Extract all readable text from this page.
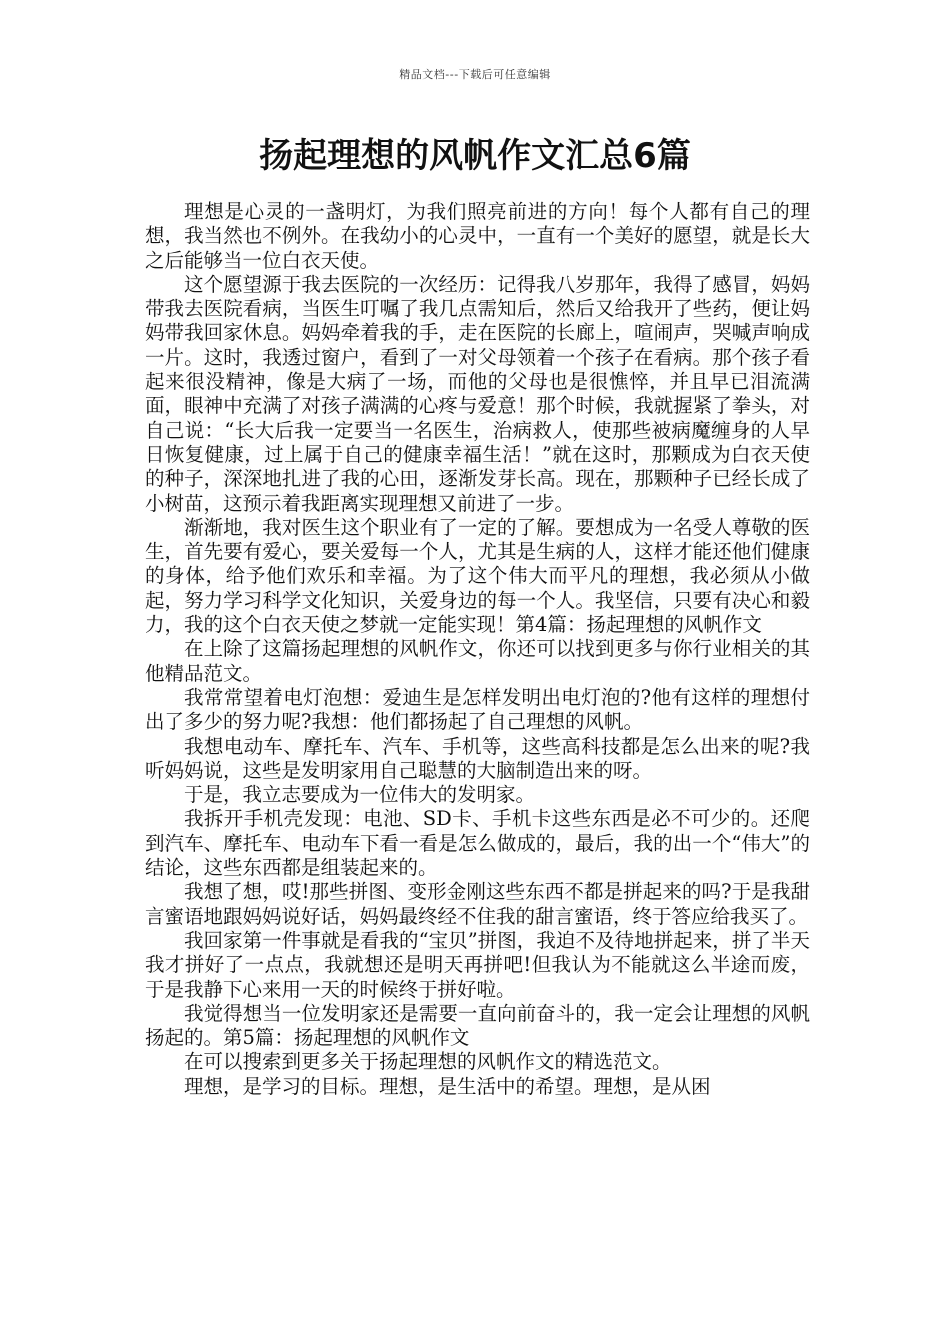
精品文档---下载后可任意编辑
扬起理想的风帆作文汇总6篇

理想是心灵的一盏明灯，为我们照亮前进的方向！每个人都有自己的理想，我当然也不例外。在我幼小的心灵中，一直有一个美好的愿望，就是长大之后能够当一位白衣天使。

这个愿望源于我去医院的一次经历：记得我八岁那年，我得了感冒，妈妈带我去医院看病，当医生叮嘱了我几点需知后，然后又给我开了些药，便让妈妈带我回家休息。妈妈牵着我的手，走在医院的长廊上，喧闹声，哭喊声响成一片。这时，我透过窗户，看到了一对父母领着一个孩子在看病。那个孩子看起来很没精神，像是大病了一场，而他的父母也是很憔悴，并且早已泪流满面，眼神中充满了对孩子满满的心疼与爱意！那个时候，我就握紧了拳头，对自己说：“长大后我一定要当一名医生，治病救人，使那些被病魔缠身的人早日恢复健康，过上属于自己的健康幸福生活！”就在这时，那颗成为白衣天使的种子，深深地扎进了我的心田，逐渐发芽长高。现在，那颗种子已经长成了小树苗，这预示着我距离实现理想又前进了一步。

渐渐地，我对医生这个职业有了一定的了解。要想成为一名受人尊敬的医生，首先要有爱心，要关爱每一个人，尤其是生病的人，这样才能还他们健康的身体，给予他们欢乐和幸福。为了这个伟大而平凡的理想，我必须从小做起，努力学习科学文化知识，关爱身边的每一个人。我坚信，只要有决心和毅力，我的这个白衣天使之梦就一定能实现！第4篇：扬起理想的风帆作文

在上除了这篇扬起理想的风帆作文，你还可以找到更多与你行业相关的其他精品范文。

我常常望着电灯泡想：爱迪生是怎样发明出电灯泡的?他有这样的理想付出了多少的努力呢?我想：他们都扬起了自己理想的风帆。

我想电动车、摩托车、汽车、手机等，这些高科技都是怎么出来的呢?我听妈妈说，这些是发明家用自己聪慧的大脑制造出来的呀。

于是，我立志要成为一位伟大的发明家。

我拆开手机壳发现：电池、SD卡、手机卡这些东西是必不可少的。还爬到汽车、摩托车、电动车下看一看是怎么做成的，最后，我的出一个“伟大”的结论，这些东西都是组装起来的。

我想了想，哎!那些拼图、变形金刚这些东西不都是拼起来的吗?于是我甜言蜜语地跟妈妈说好话，妈妈最终经不住我的甜言蜜语，终于答应给我买了。

我回家第一件事就是看我的“宝贝”拼图，我迫不及待地拼起来，拼了半天我才拼好了一点点，我就想还是明天再拼吧!但我认为不能就这么半途而废，于是我静下心来用一天的时候终于拼好啦。

我觉得想当一位发明家还是需要一直向前奋斗的，我一定会让理想的风帆扬起的。第5篇：扬起理想的风帆作文

在可以搜索到更多关于扬起理想的风帆作文的精选范文。

理想，是学习的目标。理想，是生活中的希望。理想，是从困
